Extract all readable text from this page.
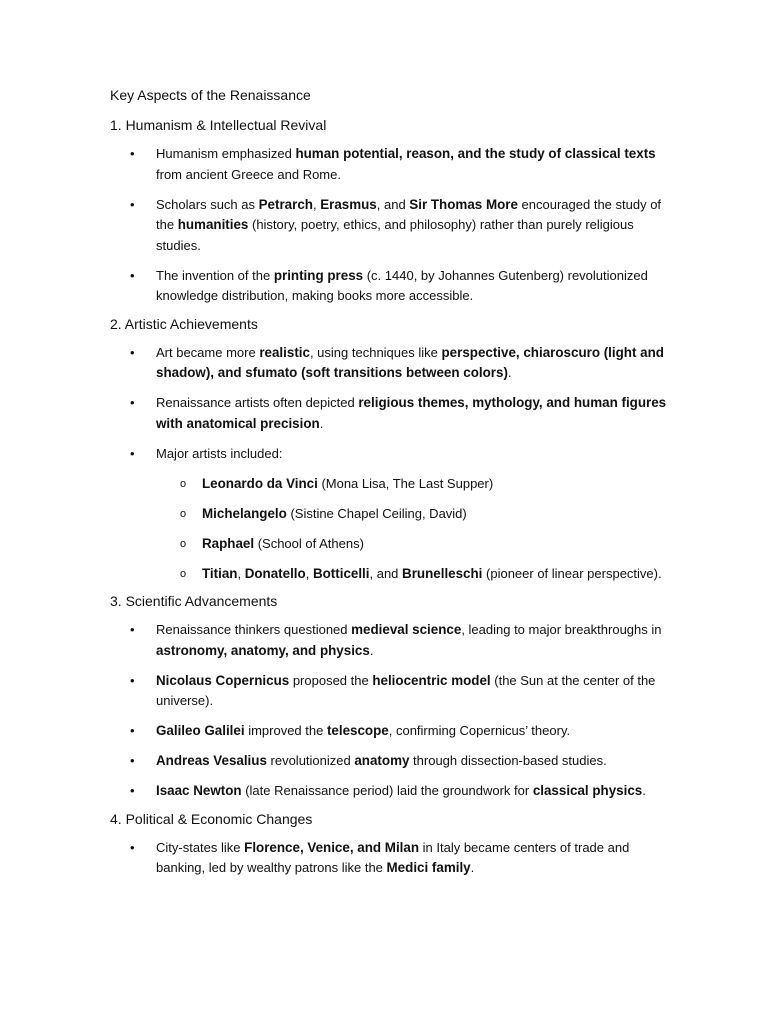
Key Aspects of the Renaissance

1. Humanism & Intellectual Revival

• Humanism emphasized human potential, reason, and the study of classical texts from ancient Greece and Rome.
• Scholars such as Petrarch, Erasmus, and Sir Thomas More encouraged the study of the humanities (history, poetry, ethics, and philosophy) rather than purely religious studies.
• The invention of the printing press (c. 1440, by Johannes Gutenberg) revolutionized knowledge distribution, making books more accessible.

2. Artistic Achievements

• Art became more realistic, using techniques like perspective, chiaroscuro (light and shadow), and sfumato (soft transitions between colors).
• Renaissance artists often depicted religious themes, mythology, and human figures with anatomical precision.
• Major artists included:
o Leonardo da Vinci (Mona Lisa, The Last Supper)
o Michelangelo (Sistine Chapel Ceiling, David)
o Raphael (School of Athens)
o Titian, Donatello, Botticelli, and Brunelleschi (pioneer of linear perspective).

3. Scientific Advancements

• Renaissance thinkers questioned medieval science, leading to major breakthroughs in astronomy, anatomy, and physics.
• Nicolaus Copernicus proposed the heliocentric model (the Sun at the center of the universe).
• Galileo Galilei improved the telescope, confirming Copernicus’ theory.
• Andreas Vesalius revolutionized anatomy through dissection-based studies.
• Isaac Newton (late Renaissance period) laid the groundwork for classical physics.

4. Political & Economic Changes

• City-states like Florence, Venice, and Milan in Italy became centers of trade and banking, led by wealthy patrons like the Medici family.
